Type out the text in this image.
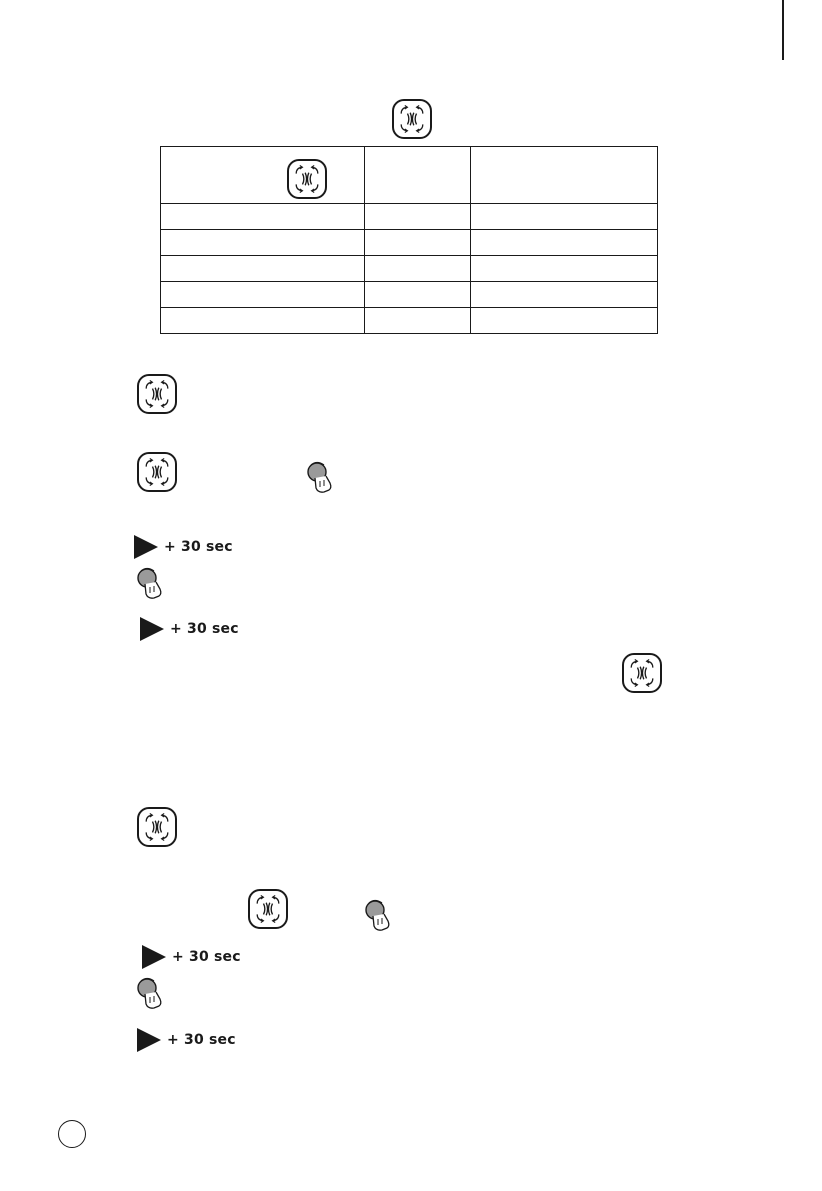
+ 30 sec
+ 30 sec
+ 30 sec
+ 30 sec
